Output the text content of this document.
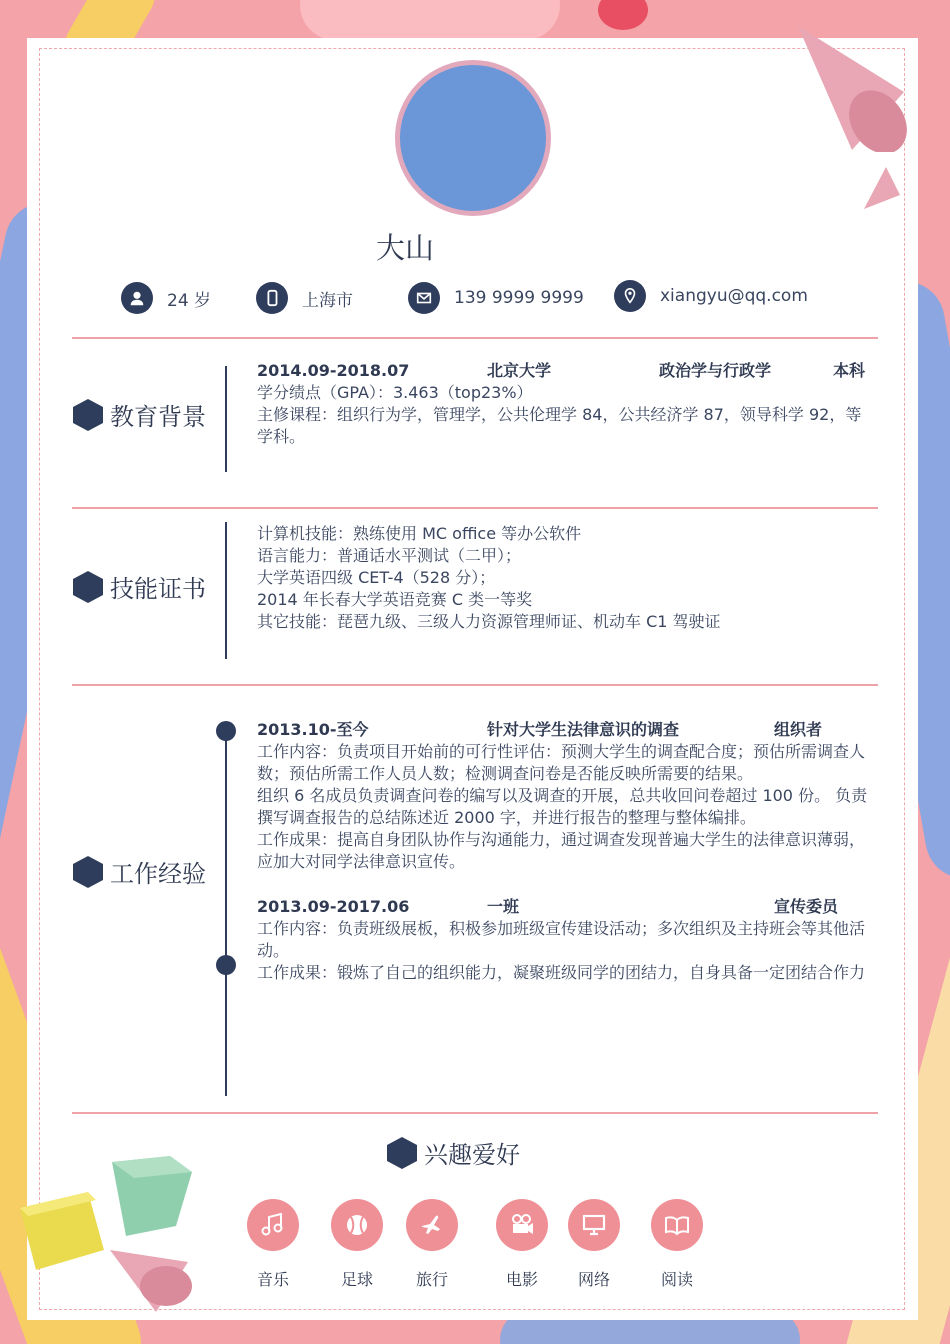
大山
24 岁	上海市	139 9999 9999	xiangyu@qq.com
教育背景
2014.09-2018.07	北京大学	政治学与行政学	本科
学分绩点（GPA）：3.463（top23%）
主修课程：组织行为学，管理学，公共伦理学 84，公共经济学 87，领导科学 92，等学科。
技能证书
计算机技能：熟练使用 MC office 等办公软件
语言能力：普通话水平测试（二甲）；
大学英语四级 CET-4（528 分）；
2014 年长春大学英语竞赛 C 类一等奖
其它技能：琵琶九级、三级人力资源管理师证、机动车 C1 驾驶证
工作经验
2013.10-至今	针对大学生法律意识的调查	组织者
工作内容：负责项目开始前的可行性评估：预测大学生的调查配合度；预估所需调查人数；预估所需工作人员人数；检测调查问卷是否能反映所需要的结果。
组织 6 名成员负责调查问卷的编写以及调查的开展，总共收回问卷超过 100 份。 负责撰写调查报告的总结陈述近 2000 字，并进行报告的整理与整体编排。
工作成果：提高自身团队协作与沟通能力，通过调查发现普遍大学生的法律意识薄弱，应加大对同学法律意识宣传。
2013.09-2017.06	一班	宣传委员
工作内容：负责班级展板，积极参加班级宣传建设活动；多次组织及主持班会等其他活动。
工作成果：锻炼了自己的组织能力，凝聚班级同学的团结力，自身具备一定团结合作力
兴趣爱好
音乐	足球	旅行	电影	网络	阅读
